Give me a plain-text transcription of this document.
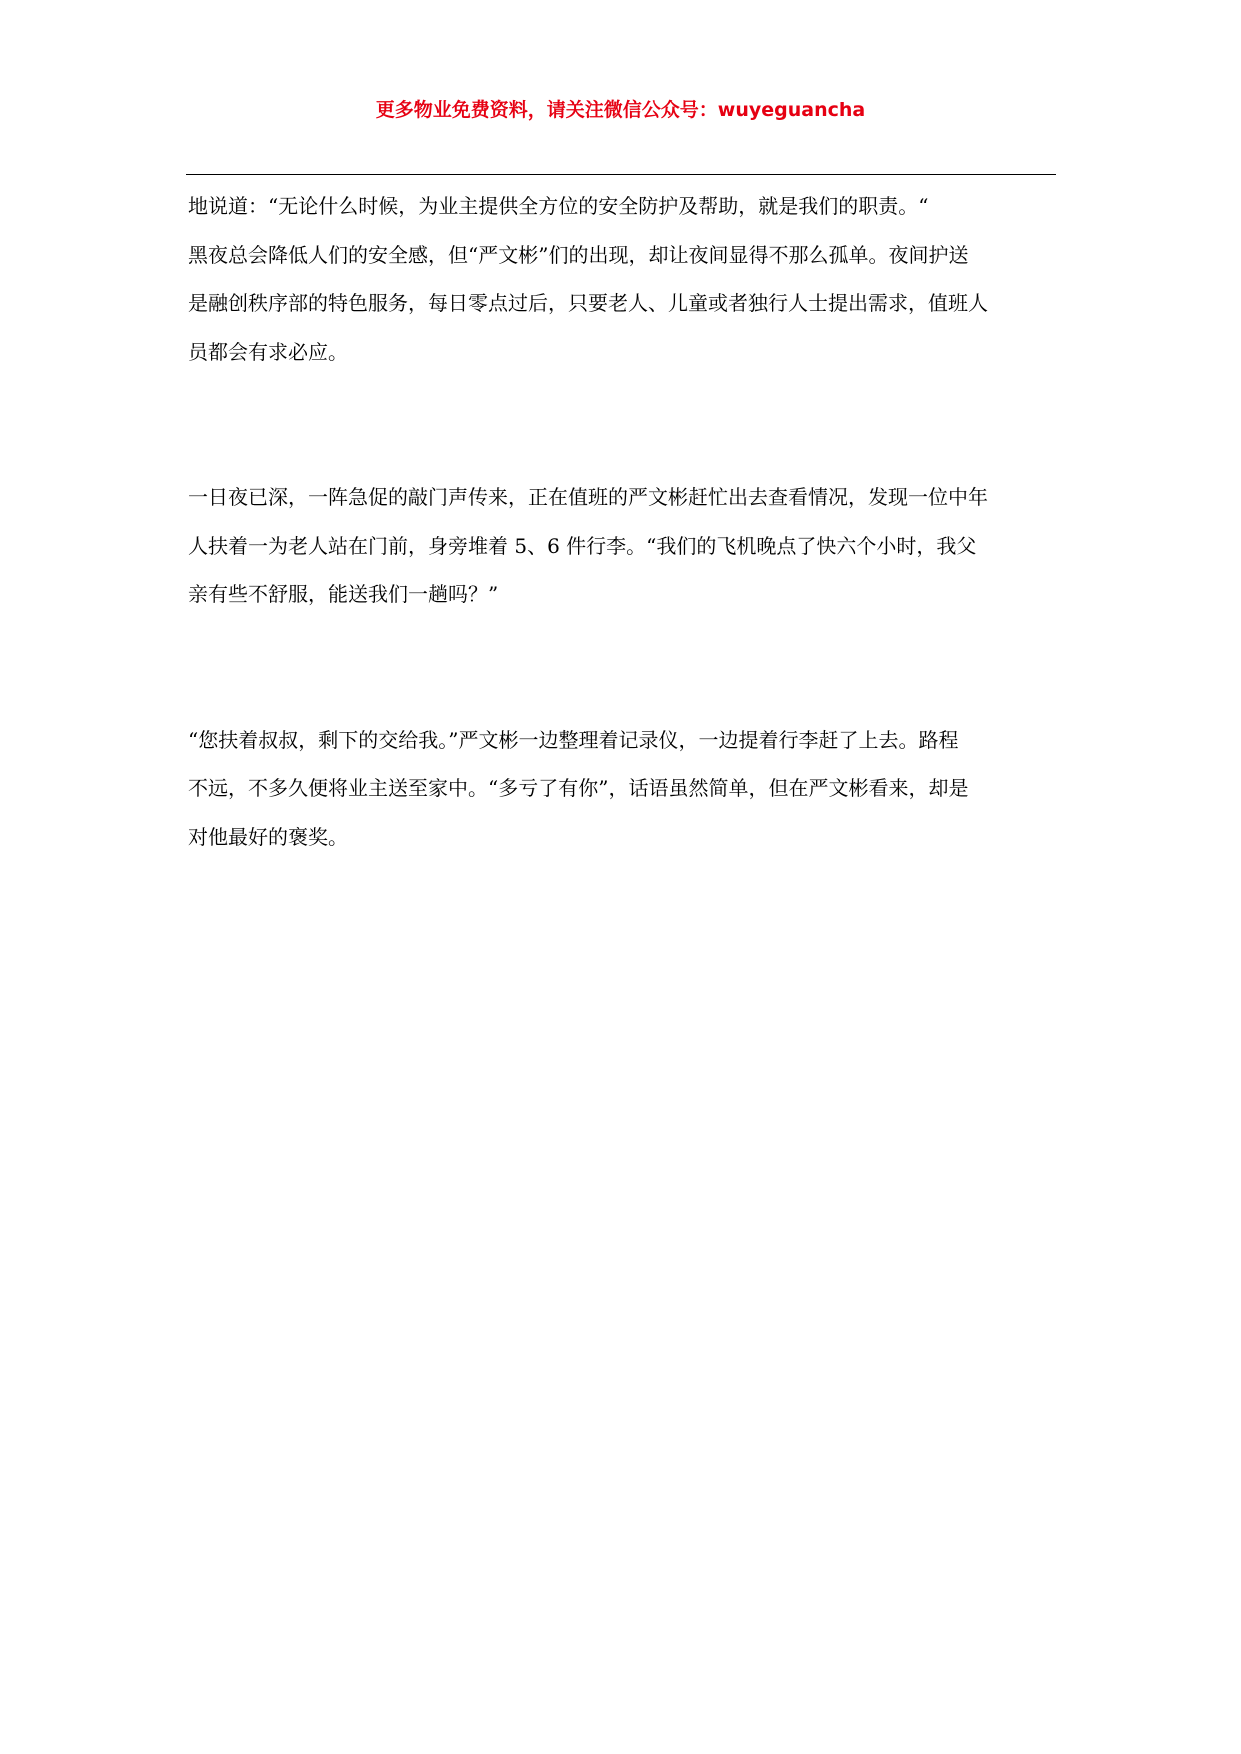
更多物业免费资料，请关注微信公众号：wuyeguancha
地说道：“无论什么时候，为业主提供全方位的安全防护及帮助，就是我们的职责。“
黑夜总会降低人们的安全感，但“严文彬”们的出现，却让夜间显得不那么孤单。夜间护送
是融创秩序部的特色服务，每日零点过后，只要老人、儿童或者独行人士提出需求，值班人
员都会有求必应。
一日夜已深，一阵急促的敲门声传来，正在值班的严文彬赶忙出去查看情况，发现一位中年
人扶着一为老人站在门前，身旁堆着 5、6 件行李。“我们的飞机晚点了快六个小时，我父
亲有些不舒服，能送我们一趟吗？”
“您扶着叔叔，剩下的交给我。”严文彬一边整理着记录仪，一边提着行李赶了上去。路程
不远，不多久便将业主送至家中。“多亏了有你”，话语虽然简单，但在严文彬看来，却是
对他最好的褒奖。
